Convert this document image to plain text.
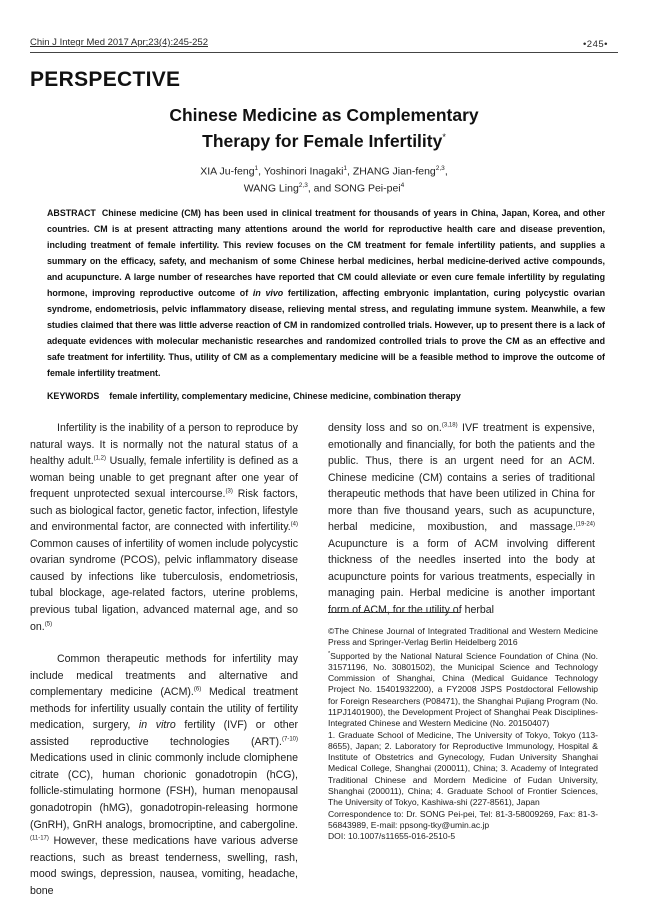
Chin J Integr Med 2017 Apr;23(4):245-252	•245•
PERSPECTIVE
Chinese Medicine as Complementary
Therapy for Female Infertility*
XIA Ju-feng$^1$, Yoshinori Inagaki$^1$, ZHANG Jian-feng$^{2,3}$,
WANG Ling$^{2,3}$, and SONG Pei-pei$^4$
ABSTRACT Chinese medicine (CM) has been used in clinical treatment for thousands of years in China, Japan, Korea, and other countries. CM is at present attracting many attentions around the world for reproductive health care and disease prevention, including treatment of female infertility. This review focuses on the CM treatment for female infertility patients, and supplies a summary on the efficacy, safety, and mechanism of some Chinese herbal medicines, herbal medicine-derived active compounds, and acupuncture. A large number of researches have reported that CM could alleviate or even cure female infertility by regulating hormone, improving reproductive outcome of in vivo fertilization, affecting embryonic implantation, curing polycystic ovarian syndrome, endometriosis, pelvic inflammatory disease, relieving mental stress, and regulating immune system. Meanwhile, a few studies claimed that there was little adverse reaction of CM in randomized controlled trials. However, up to present there is a lack of adequate evidences with molecular mechanistic researches and randomized controlled trials to prove the CM as an effective and safe treatment for infertility. Thus, utility of CM as a complementary medicine will be a feasible method to improve the outcome of female infertility treatment.
KEYWORDS female infertility, complementary medicine, Chinese medicine, combination therapy

Infertility is the inability of a person to reproduce by natural ways. It is normally not the natural status of a healthy adult.$^{(1,2)}$ Usually, female infertility is defined as a woman being unable to get pregnant after one year of frequent unprotected sexual intercourse.$^{(3)}$ Risk factors, such as biological factor, genetic factor, infection, lifestyle and environmental factor, are connected with infertility.$^{(4)}$ Common causes of infertility of women include polycystic ovarian syndrome (PCOS), pelvic inflammatory disease caused by infections like tuberculosis, endometriosis, tubal blockage, age-related factors, uterine problems, previous tubal ligation, advanced maternal age, and so on.$^{(5)}$

Common therapeutic methods for infertility may include medical treatments and alternative and complementary medicine (ACM).$^{(6)}$ Medical treatment methods for infertility usually contain the utility of fertility medication, surgery, in vitro fertility (IVF) or other assisted reproductive technologies (ART).$^{(7-10)}$ Medications used in clinic commonly include clomiphene citrate (CC), human chorionic gonadotropin (hCG), follicle-stimulating hormone (FSH), human menopausal gonadotropin (hMG), gonadotropin-releasing hormone (GnRH), GnRH analogs, bromocriptine, and cabergoline.$^{(11-17)}$ However, these medications have various adverse reactions, such as breast tenderness, swelling, rash, mood swings, depression, nausea, vomiting, headache, bone

density loss and so on.$^{(3,18)}$ IVF treatment is expensive, emotionally and financially, for both the patients and the public. Thus, there is an urgent need for an ACM. Chinese medicine (CM) contains a series of traditional therapeutic methods that have been utilized in China for more than five thousand years, such as acupuncture, herbal medicine, moxibustion, and massage.$^{(19-24)}$ Acupuncture is a form of ACM involving different thickness of the needles inserted into the body at acupuncture points for various treatments, especially in managing pain. Herbal medicine is another important form of ACM, for the utility of herbal

©The Chinese Journal of Integrated Traditional and Western Medicine Press and Springer-Verlag Berlin Heidelberg 2016
*Supported by the National Natural Science Foundation of China (No. 31571196, No. 30801502), the Municipal Science and Technology Commission of Shanghai, China (Medical Guidance Technology Project No. 15401932200), a FY2008 JSPS Postdoctoral Fellowship for Foreign Researchers (P08471), the Shanghai Pujiang Program (No. 11PJ1401900), the Development Project of Shanghai Peak Disciplines-Integrated Chinese and Western Medicine (No. 20150407)
1. Graduate School of Medicine, The University of Tokyo, Tokyo (113-8655), Japan; 2. Laboratory for Reproductive Immunology, Hospital & Institute of Obstetrics and Gynecology, Fudan University Shanghai Medical College, Shanghai (200011), China; 3. Academy of Integrated Traditional Chinese and Mordern Medicine of Fudan University, Shanghai (200011), China; 4. Graduate School of Frontier Sciences, The University of Tokyo, Kashiwa-shi (227-8561), Japan
Correspondence to: Dr. SONG Pei-pei, Tel: 81-3-58009269, Fax: 81-3-56843989, E-mail: ppsong-tky@umin.ac.jp
DOI: 10.1007/s11655-016-2510-5
